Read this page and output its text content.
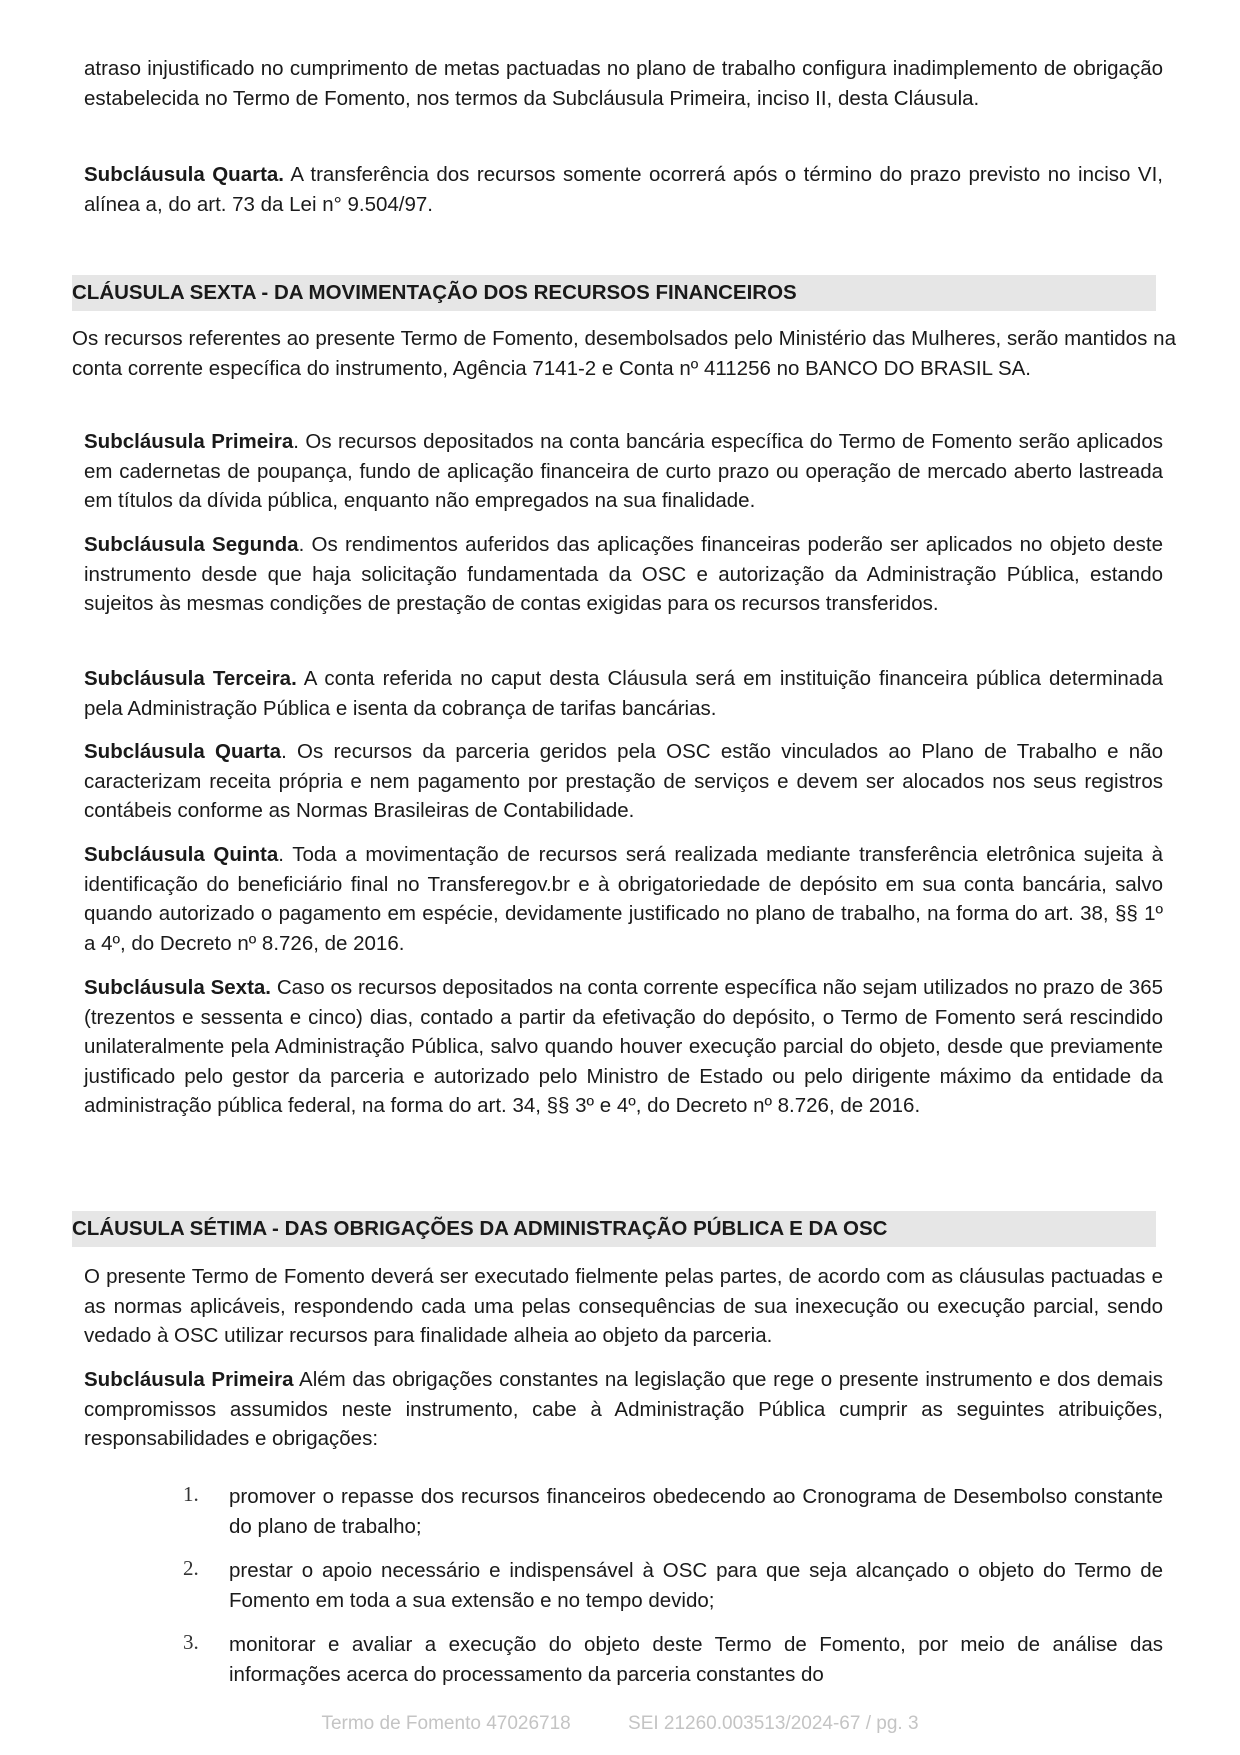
atraso injustificado no cumprimento de metas pactuadas no plano de trabalho configura inadimplemento de obrigação estabelecida no Termo de Fomento, nos termos da Subcláusula Primeira, inciso II, desta Cláusula.

Subcláusula Quarta. A transferência dos recursos somente ocorrerá após o término do prazo previsto no inciso VI, alínea a, do art. 73 da Lei n° 9.504/97.

CLÁUSULA SEXTA - DA MOVIMENTAÇÃO DOS RECURSOS FINANCEIROS

Os recursos referentes ao presente Termo de Fomento, desembolsados pelo Ministério das Mulheres, serão mantidos na conta corrente específica do instrumento, Agência 7141-2 e Conta nº 411256 no BANCO DO BRASIL SA.

Subcláusula Primeira. Os recursos depositados na conta bancária específica do Termo de Fomento serão aplicados em cadernetas de poupança, fundo de aplicação financeira de curto prazo ou operação de mercado aberto lastreada em títulos da dívida pública, enquanto não empregados na sua finalidade.

Subcláusula Segunda. Os rendimentos auferidos das aplicações financeiras poderão ser aplicados no objeto deste instrumento desde que haja solicitação fundamentada da OSC e autorização da Administração Pública, estando sujeitos às mesmas condições de prestação de contas exigidas para os recursos transferidos.

Subcláusula Terceira. A conta referida no caput desta Cláusula será em instituição financeira pública determinada pela Administração Pública e isenta da cobrança de tarifas bancárias.

Subcláusula Quarta. Os recursos da parceria geridos pela OSC estão vinculados ao Plano de Trabalho e não caracterizam receita própria e nem pagamento por prestação de serviços e devem ser alocados nos seus registros contábeis conforme as Normas Brasileiras de Contabilidade.

Subcláusula Quinta. Toda a movimentação de recursos será realizada mediante transferência eletrônica sujeita à identificação do beneficiário final no Transferegov.br e à obrigatoriedade de depósito em sua conta bancária, salvo quando autorizado o pagamento em espécie, devidamente justificado no plano de trabalho, na forma do art. 38, §§ 1º a 4º, do Decreto nº 8.726, de 2016.

Subcláusula Sexta. Caso os recursos depositados na conta corrente específica não sejam utilizados no prazo de 365 (trezentos e sessenta e cinco) dias, contado a partir da efetivação do depósito, o Termo de Fomento será rescindido unilateralmente pela Administração Pública, salvo quando houver execução parcial do objeto, desde que previamente justificado pelo gestor da parceria e autorizado pelo Ministro de Estado ou pelo dirigente máximo da entidade da administração pública federal, na forma do art. 34, §§ 3º e 4º, do Decreto nº 8.726, de 2016.

CLÁUSULA SÉTIMA - DAS OBRIGAÇÕES DA ADMINISTRAÇÃO PÚBLICA E DA OSC

O presente Termo de Fomento deverá ser executado fielmente pelas partes, de acordo com as cláusulas pactuadas e as normas aplicáveis, respondendo cada uma pelas consequências de sua inexecução ou execução parcial, sendo vedado à OSC utilizar recursos para finalidade alheia ao objeto da parceria.

Subcláusula Primeira Além das obrigações constantes na legislação que rege o presente instrumento e dos demais compromissos assumidos neste instrumento, cabe à Administração Pública cumprir as seguintes atribuições, responsabilidades e obrigações:

1. promover o repasse dos recursos financeiros obedecendo ao Cronograma de Desembolso constante do plano de trabalho;

2. prestar o apoio necessário e indispensável à OSC para que seja alcançado o objeto do Termo de Fomento em toda a sua extensão e no tempo devido;

3. monitorar e avaliar a execução do objeto deste Termo de Fomento, por meio de análise das informações acerca do processamento da parceria constantes do

Termo de Fomento 47026718	SEI 21260.003513/2024-67 / pg. 3
